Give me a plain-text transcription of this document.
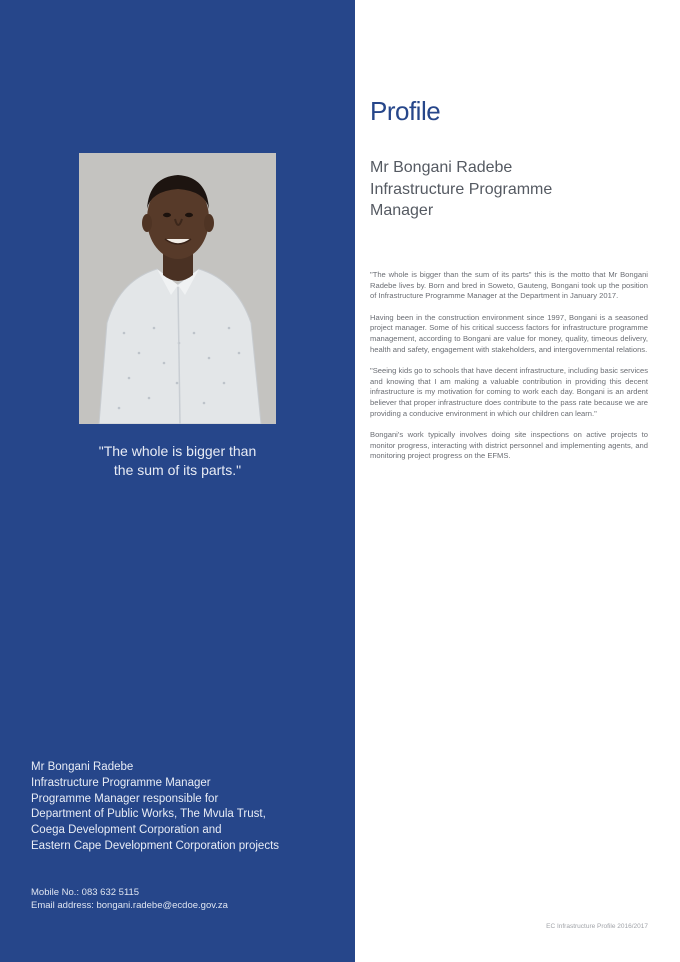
"The whole is bigger than
the sum of its parts."
Mr Bongani Radebe
Infrastructure Programme Manager
Programme Manager responsible for
Department of Public Works, The Mvula Trust,
Coega Development Corporation and
Eastern Cape Development Corporation projects
Mobile No.: 083 632 5115
Email address: bongani.radebe@ecdoe.gov.za
Profile
Mr Bongani Radebe
Infrastructure Programme
Manager

"The whole is bigger than the sum of its parts" this is the motto that Mr Bongani Radebe lives by. Born and bred in Soweto, Gauteng, Bongani took up the position of Infrastructure Programme Manager at the Department in January 2017.

Having been in the construction environment since 1997, Bongani is a seasoned project manager. Some of his critical success factors for infrastructure programme management, according to Bongani are value for money, quality, timeous delivery, health and safety, engagement with stakeholders, and intergovernmental relations.

"Seeing kids go to schools that have decent infrastructure, including basic services and knowing that I am making a valuable contribution in providing this decent infrastructure is my motivation for coming to work each day. Bongani is an ardent believer that proper infrastructure does contribute to the pass rate because we are providing a conducive environment in which our children can learn."

Bongani's work typically involves doing site inspections on active projects to monitor progress, interacting with district personnel and implementing agents, and monitoring project progress on the EFMS.

EC Infrastructure Profile 2016/2017
